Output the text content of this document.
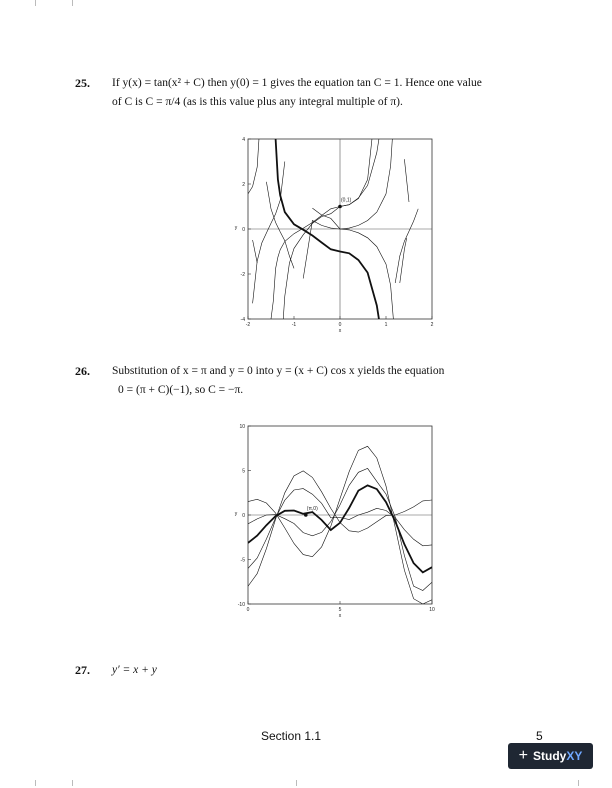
25. If y(x) = tan(x² + C) then y(0) = 1 gives the equation tan C = 1. Hence one value
of C is C = π/4 (as is this value plus any integral multiple of π).
-2	-1	0	1	2
4
2
0
-2
-4
x
y
(0,1)
26. Substitution of x = π and y = 0 into y = (x + C) cos x yields the equation
0 = (π + C)(−1), so C = −π.
0	5	10
10
5
0
-5
-10
x
y
(π,0)
27. y′ = x + y
Section 1.1	5
+ StudyXY
